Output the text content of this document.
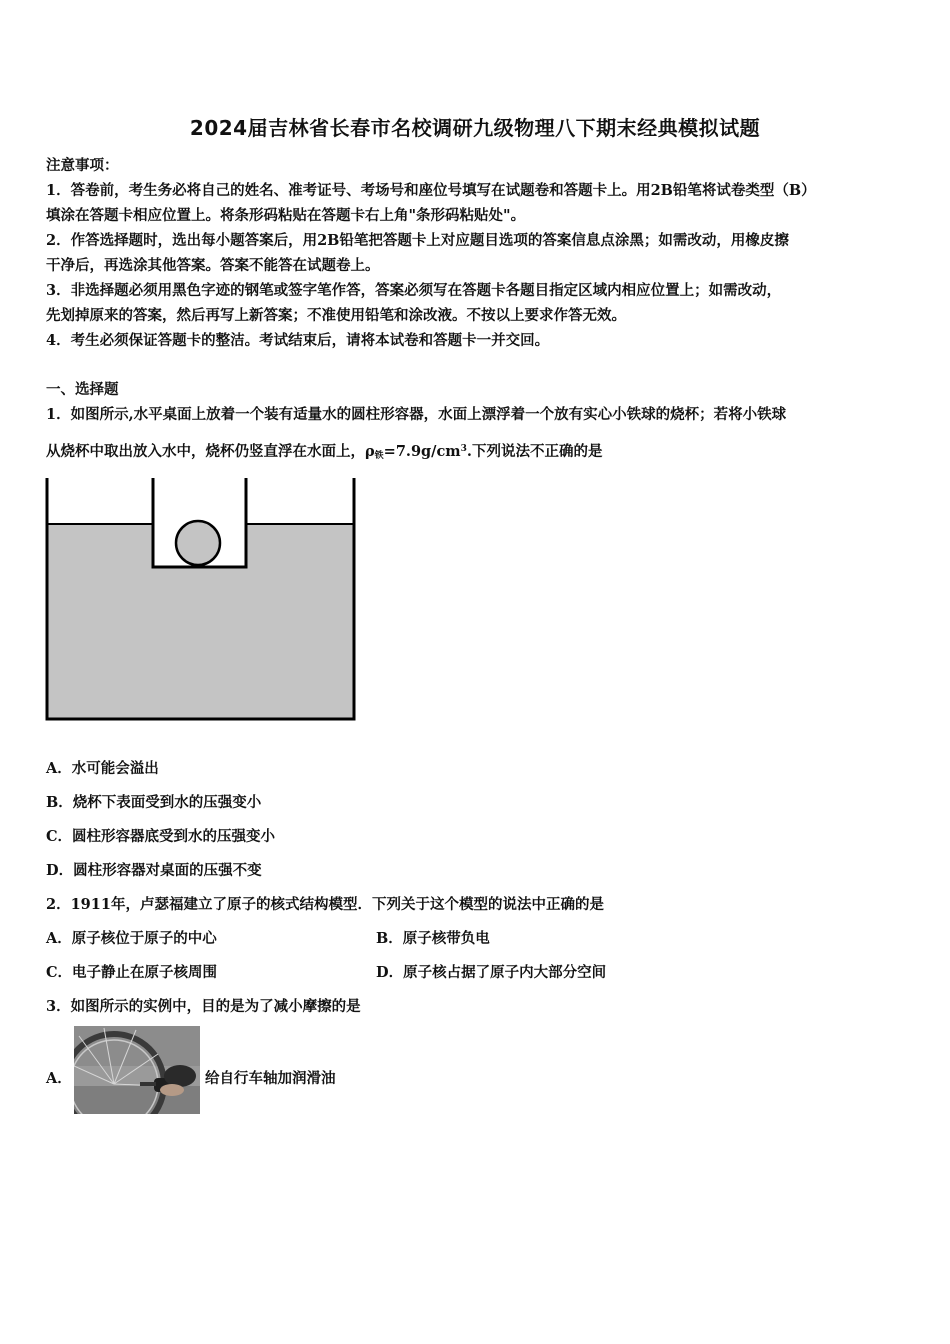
2024届吉林省长春市名校调研九级物理八下期末经典模拟试题
注意事项：
1．答卷前，考生务必将自己的姓名、准考证号、考场号和座位号填写在试题卷和答题卡上。用2B铅笔将试卷类型（B）
填涂在答题卡相应位置上。将条形码粘贴在答题卡右上角"条形码粘贴处"。
2．作答选择题时，选出每小题答案后，用2B铅笔把答题卡上对应题目选项的答案信息点涂黑；如需改动，用橡皮擦
干净后，再选涂其他答案。答案不能答在试题卷上。
3．非选择题必须用黑色字迹的钢笔或签字笔作答，答案必须写在答题卡各题目指定区域内相应位置上；如需改动，
先划掉原来的答案，然后再写上新答案；不准使用铅笔和涂改液。不按以上要求作答无效。
4．考生必须保证答题卡的整洁。考试结束后，请将本试卷和答题卡一并交回。
一、选择题
1．如图所示,水平桌面上放着一个装有适量水的圆柱形容器，水面上漂浮着一个放有实心小铁球的烧杯；若将小铁球
从烧杯中取出放入水中，烧杯仍竖直浮在水面上，$\rho_铁=7.9g/cm^3$.下列说法不正确的是
A．水可能会溢出
B．烧杯下表面受到水的压强变小
C．圆柱形容器底受到水的压强变小
D．圆柱形容器对桌面的压强不变
2．1911年，卢瑟福建立了原子的核式结构模型．下列关于这个模型的说法中正确的是
A．原子核位于原子的中心	B．原子核带负电
C．电子静止在原子核周围	D．原子核占据了原子内大部分空间
3．如图所示的实例中，目的是为了减小摩擦的是
A．	给自行车轴加润滑油
